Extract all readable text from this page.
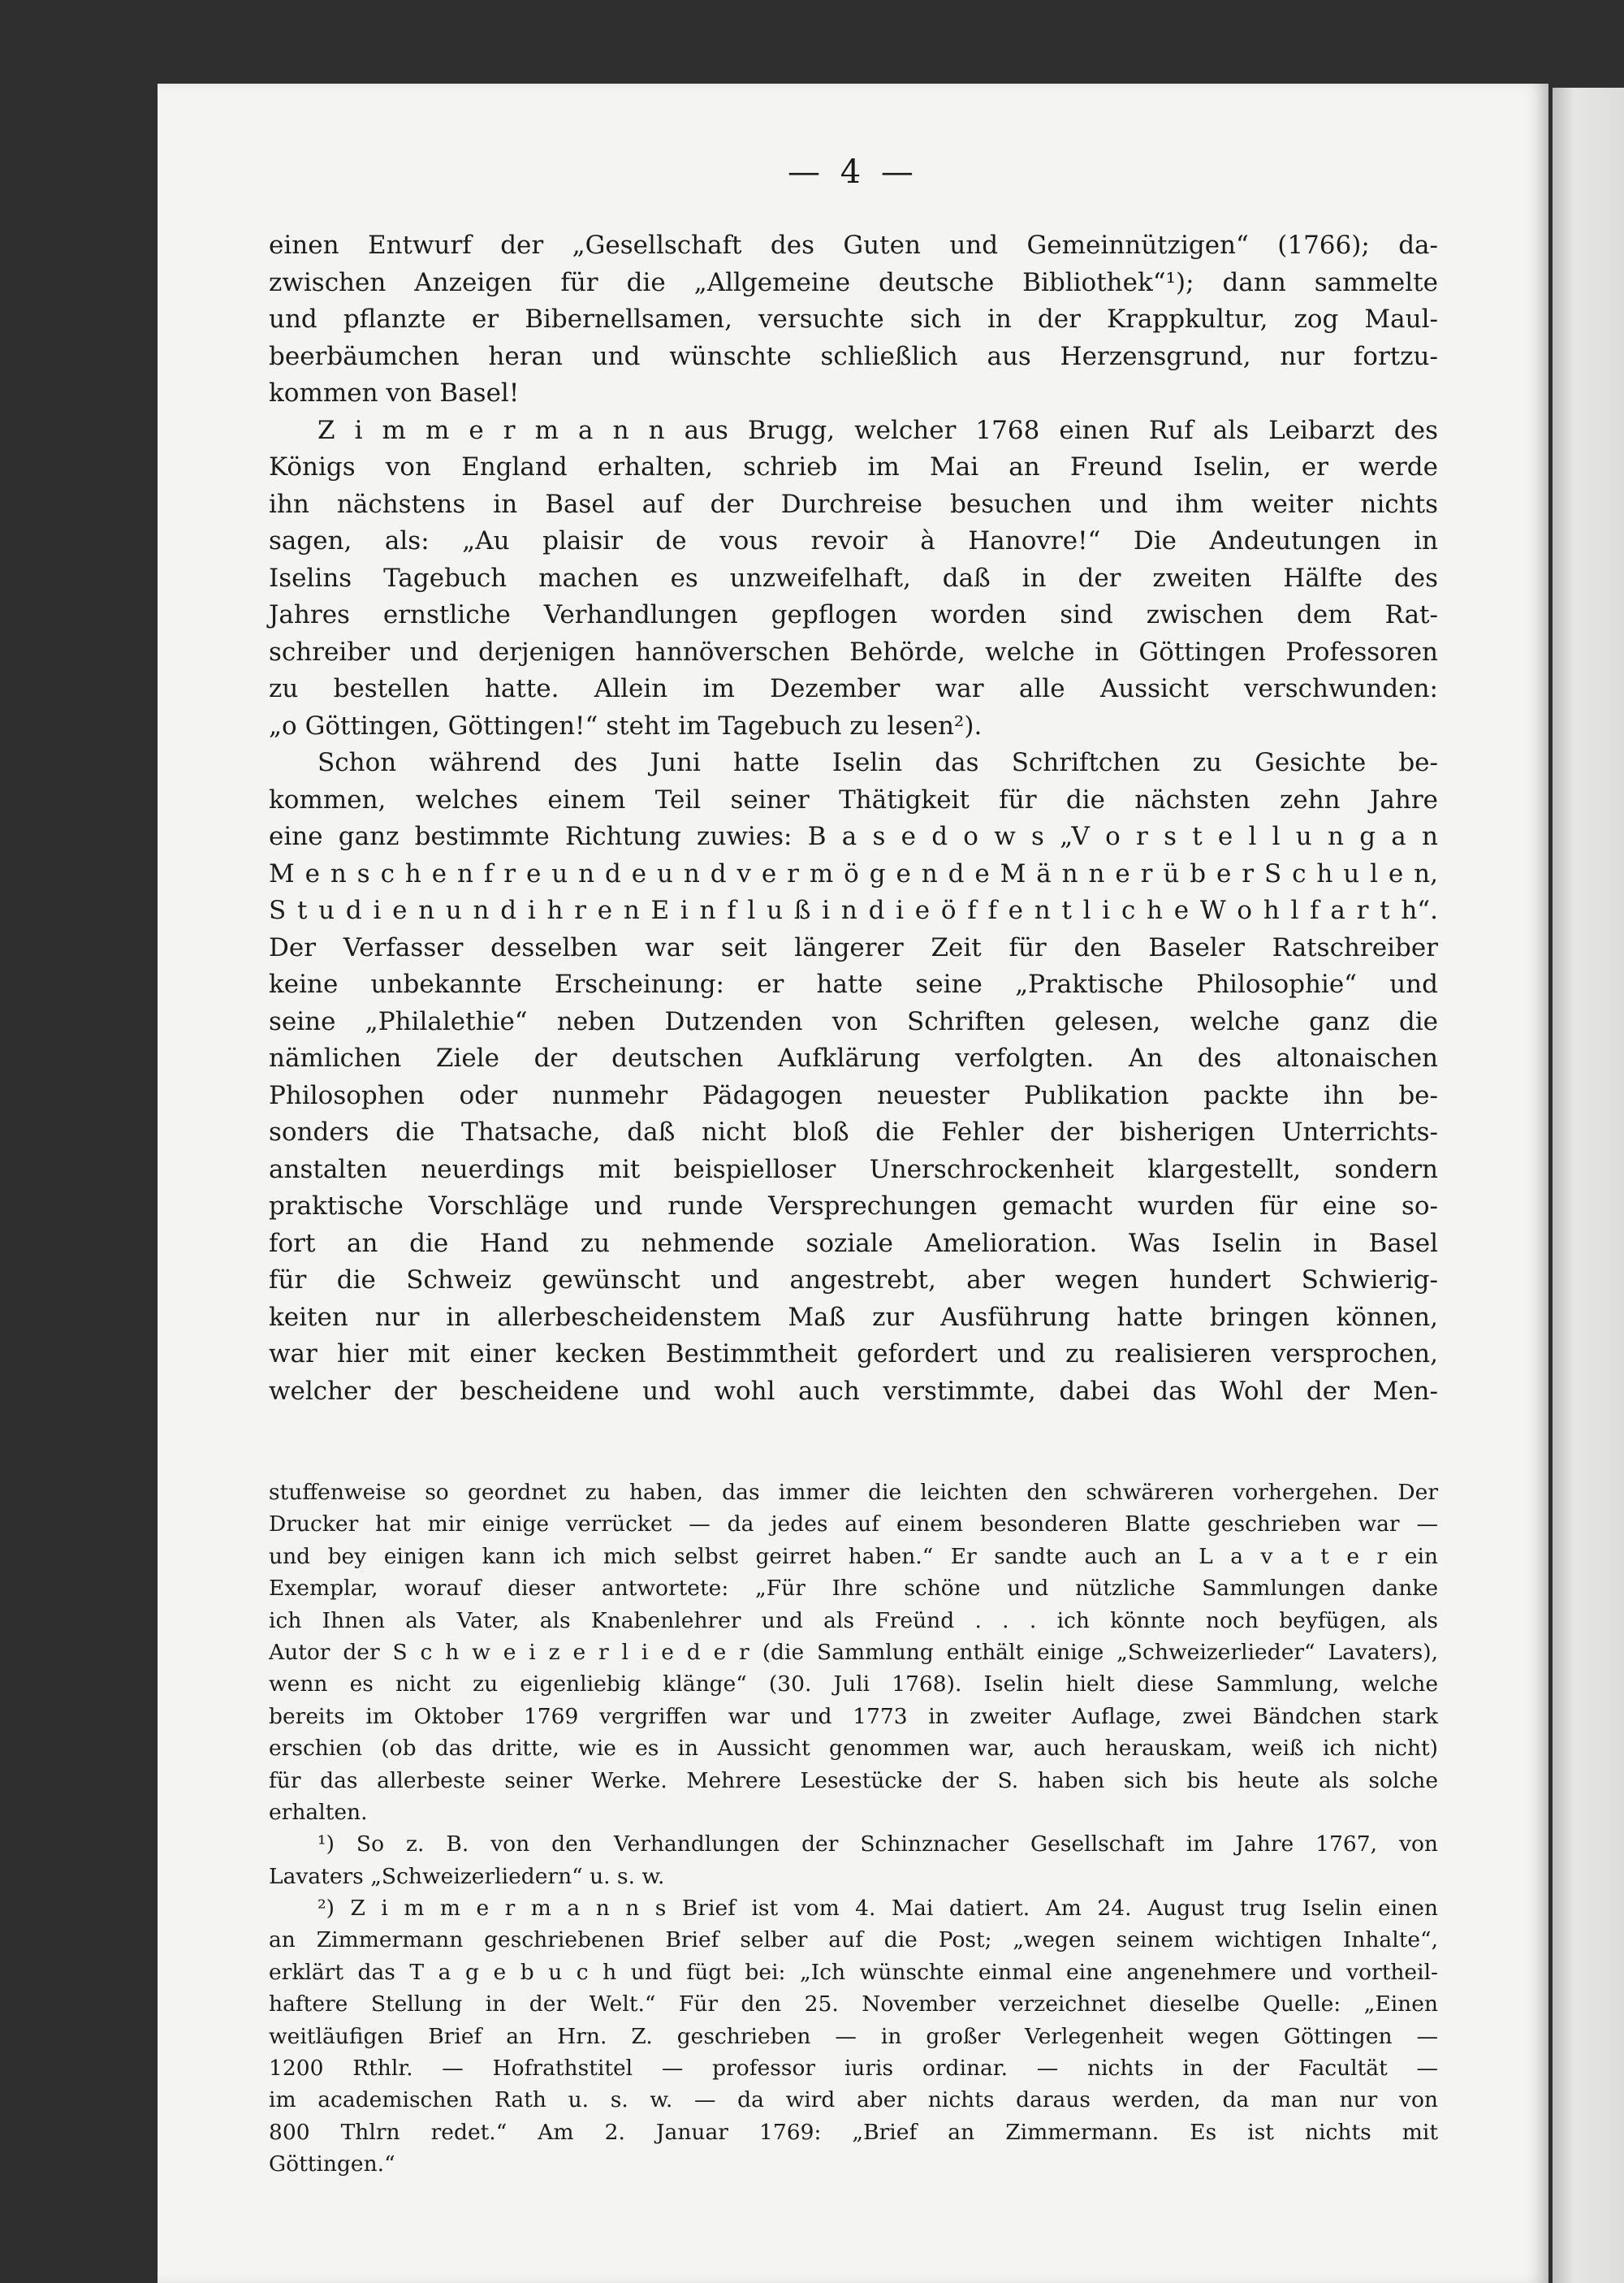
— 4 —
einen Entwurf der „Gesellschaft des Guten und Gemeinnützigen“ (1766); da-
zwischen Anzeigen für die „Allgemeine deutsche Bibliothek“¹); dann sammelte
und pflanzte er Bibernellsamen, versuchte sich in der Krappkultur, zog Maul-
beerbäumchen heran und wünschte schließlich aus Herzensgrund, nur fortzu-
kommen von Basel!
Z i m m e r m a n n aus Brugg, welcher 1768 einen Ruf als Leibarzt des
Königs von England erhalten, schrieb im Mai an Freund Iselin, er werde
ihn nächstens in Basel auf der Durchreise besuchen und ihm weiter nichts
sagen, als: „Au plaisir de vous revoir à Hanovre!“ Die Andeutungen in
Iselins Tagebuch machen es unzweifelhaft, daß in der zweiten Hälfte des
Jahres ernstliche Verhandlungen gepflogen worden sind zwischen dem Rat-
schreiber und derjenigen hannöverschen Behörde, welche in Göttingen Professoren
zu bestellen hatte. Allein im Dezember war alle Aussicht verschwunden:
„o Göttingen, Göttingen!“ steht im Tagebuch zu lesen²).
Schon während des Juni hatte Iselin das Schriftchen zu Gesichte be-
kommen, welches einem Teil seiner Thätigkeit für die nächsten zehn Jahre
eine ganz bestimmte Richtung zuwies: B a s e d o w s „V o r s t e l l u n g a n
M e n s c h e n f r e u n d e u n d v e r m ö g e n d e M ä n n e r ü b e r S c h u l e n,
S t u d i e n u n d i h r e n E i n f l u ß i n d i e ö f f e n t l i c h e W o h l f a r t h“.
Der Verfasser desselben war seit längerer Zeit für den Baseler Ratschreiber
keine unbekannte Erscheinung: er hatte seine „Praktische Philosophie“ und
seine „Philalethie“ neben Dutzenden von Schriften gelesen, welche ganz die
nämlichen Ziele der deutschen Aufklärung verfolgten. An des altonaischen
Philosophen oder nunmehr Pädagogen neuester Publikation packte ihn be-
sonders die Thatsache, daß nicht bloß die Fehler der bisherigen Unterrichts-
anstalten neuerdings mit beispielloser Unerschrockenheit klargestellt, sondern
praktische Vorschläge und runde Versprechungen gemacht wurden für eine so-
fort an die Hand zu nehmende soziale Amelioration. Was Iselin in Basel
für die Schweiz gewünscht und angestrebt, aber wegen hundert Schwierig-
keiten nur in allerbescheidenstem Maß zur Ausführung hatte bringen können,
war hier mit einer kecken Bestimmtheit gefordert und zu realisieren versprochen,
welcher der bescheidene und wohl auch verstimmte, dabei das Wohl der Men-
stuffenweise so geordnet zu haben, das immer die leichten den schwäreren vorhergehen. Der
Drucker hat mir einige verrücket — da jedes auf einem besonderen Blatte geschrieben war —
und bey einigen kann ich mich selbst geirret haben.“ Er sandte auch an L a v a t e r ein
Exemplar, worauf dieser antwortete: „Für Ihre schöne und nützliche Sammlungen danke
ich Ihnen als Vater, als Knabenlehrer und als Freünd . . . ich könnte noch beyfügen, als
Autor der S c h w e i z e r l i e d e r (die Sammlung enthält einige „Schweizerlieder“ Lavaters),
wenn es nicht zu eigenliebig klänge“ (30. Juli 1768). Iselin hielt diese Sammlung, welche
bereits im Oktober 1769 vergriffen war und 1773 in zweiter Auflage, zwei Bändchen stark
erschien (ob das dritte, wie es in Aussicht genommen war, auch herauskam, weiß ich nicht)
für das allerbeste seiner Werke. Mehrere Lesestücke der S. haben sich bis heute als solche
erhalten.
¹) So z. B. von den Verhandlungen der Schinznacher Gesellschaft im Jahre 1767, von
Lavaters „Schweizerliedern“ u. s. w.
²) Z i m m e r m a n n s Brief ist vom 4. Mai datiert. Am 24. August trug Iselin einen
an Zimmermann geschriebenen Brief selber auf die Post; „wegen seinem wichtigen Inhalte“,
erklärt das T a g e b u c h und fügt bei: „Ich wünschte einmal eine angenehmere und vortheil-
haftere Stellung in der Welt.“ Für den 25. November verzeichnet dieselbe Quelle: „Einen
weitläufigen Brief an Hrn. Z. geschrieben — in großer Verlegenheit wegen Göttingen —
1200 Rthlr. — Hofrathstitel — professor iuris ordinar. — nichts in der Facultät —
im academischen Rath u. s. w. — da wird aber nichts daraus werden, da man nur von
800 Thlrn redet.“ Am 2. Januar 1769: „Brief an Zimmermann. Es ist nichts mit
Göttingen.“
